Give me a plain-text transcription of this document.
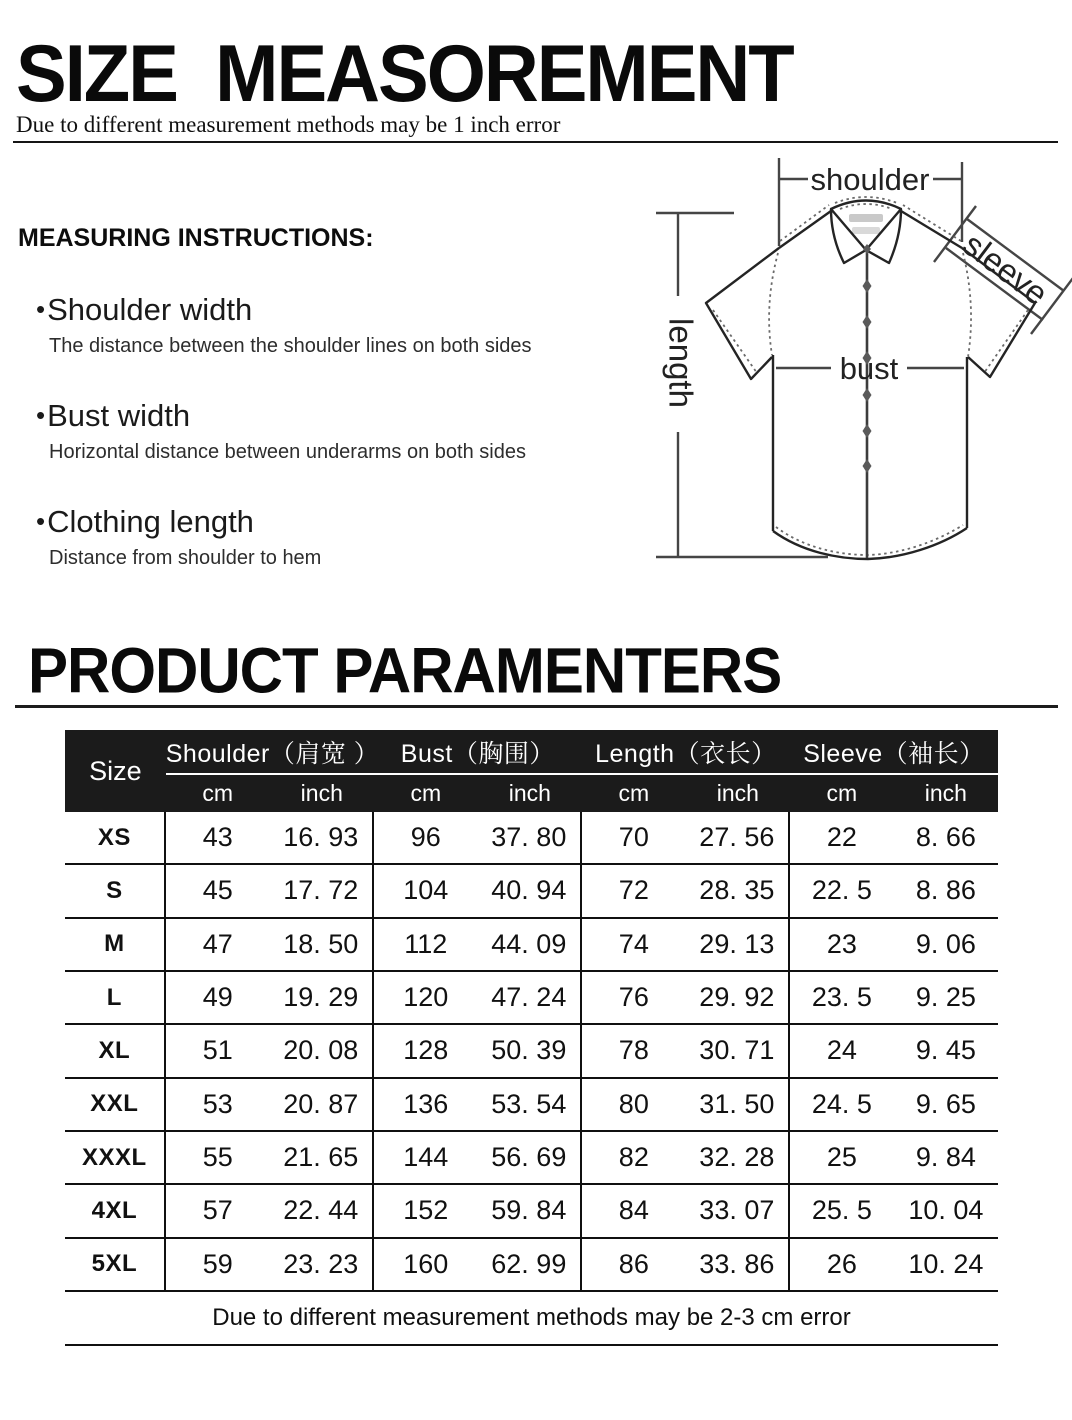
SIZE  MEASOREMENT
Due to different measurement methods may be 1 inch error
MEASURING INSTRUCTIONS:
•Shoulder width
The distance between the shoulder lines on both sides
•Bust width
Horizontal distance between underarms on both sides
•Clothing length
Distance from shoulder to hem
shoulder
length
sleeve
bust
PRODUCT PARAMENTERS
Size
Shoulder（肩宽 ） Bust（胸围）	Length（衣长）	Sleeve（袖长）
cm	inch	cm	inch	cm	inch	cm	inch
XS	43	16. 93	96	37. 80	70	27. 56	22	8. 66
S	45	17. 72	104	40. 94	72	28. 35	22. 5	8. 86
M	47	18. 50	112	44. 09	74	29. 13	23	9. 06
L	49	19. 29	120	47. 24	76	29. 92	23. 5	9. 25
XL	51	20. 08	128	50. 39	78	30. 71	24	9. 45
XXL	53	20. 87	136	53. 54	80	31. 50	24. 5	9. 65
XXXL	55	21. 65	144	56. 69	82	32. 28	25	9. 84
4XL	57	22. 44	152	59. 84	84	33. 07	25. 5	10. 04
5XL	59	23. 23	160	62. 99	86	33. 86	26	10. 24
Due to different measurement methods may be 2-3 cm error
